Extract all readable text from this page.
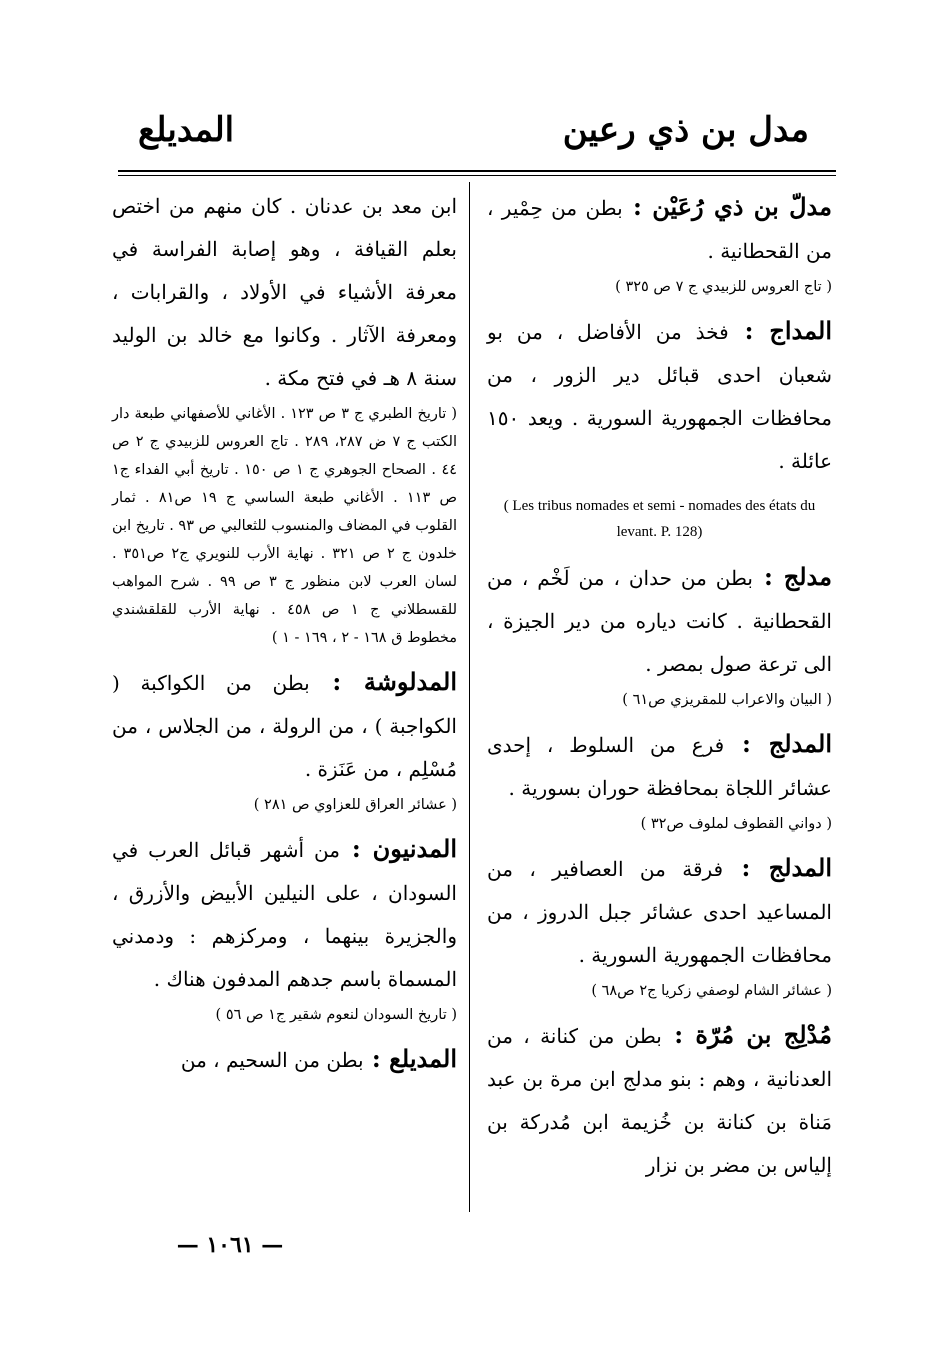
مدل بن ذي رعين
المديلع

مدلّ بن ذي رُعَيْن : بطن من حِمْير ، من القحطانية .

( تاج العروس للزبيدي ج ٧ ص ٣٢٥ )

المداج : فخذ من الأفاضل ، من بو شعبان احدى قبائل دير الزور ، من محافظات الجمهورية السورية . ويعد ١٥٠ عائلة .

( Les tribus nomades et semi - nomades des états du levant. P. 128)

مدلج : بطن من حدان ، من لَخْم ، من القحطانية . كانت دياره من دير الجيزة ، الى ترعة صول بمصر .

( البيان والاعراب للمقريزي ص٦١ )

المدلج : فرع من السلوط ، إحدى عشائر اللجاة بمحافظة حوران بسورية .

( دواني القطوف لملوف ص٣٢ )

المدلج : فرقة من العصافير ، من المساعيد احدى عشائر جبل الدروز ، من محافظات الجمهورية السورية .

( عشائر الشام لوصفي زكريا ج٢ ص٦٨ )

مُدْلِج بن مُرّة : بطن من كنانة ، من العدنانية ، وهم : بنو مدلج ابن مرة بن عبد مَناة بن كنانة بن خُزيمة ابن مُدركة بن إلياس بن مضر بن نزار

ابن معد بن عدنان . كان منهم من اختص بعلم القيافة ، وهو إصابة الفراسة في معرفة الأشياء في الأولاد ، والقرابات ، ومعرفة الآثار . وكانوا مع خالد بن الوليد سنة ٨ هـ في فتح مكة .

( تاريخ الطبري ج ٣ ص ١٢٣ . الأغاني للأصفهاني طبعة دار الكتب ج ٧ ض ٢٨٧، ٢٨٩ . تاج العروس للزبيدي ج ٢ ص ٤٤ . الصحاح الجوهري ج ١ ص ١٥٠ . تاريخ أبي الفداء ج١ ص ١١٣ . الأغاني طبعة الساسي ج ١٩ ص٨١ . ثمار القلوب في المضاف والمنسوب للثعالبي ص ٩٣ . تاريخ ابن خلدون ج ٢ ص ٣٢١ . نهاية الأرب للنويري ج٢ ص٣٥١ . لسان العرب لابن منظور ج ٣ ص ٩٩ . شرح المواهب للقسطلاني ج ١ ص ٤٥٨ . نهاية الأرب للقلقشندي مخطوط ق ١٦٨ - ٢ ، ١٦٩ - ١ )

المدلوشة : بطن من الكواكبة ( الكواجبة ) ، من الرولة ، من الجلاس ، من مُسْلِم ، من عَنَزة .

( عشائر العراق للعزاوي ص ٢٨١ )

المدنيون : من أشهر قبائل العرب في السودان ، على النيلين الأبيض والأزرق ، والجزيرة بينهما ، ومركزهم : ودمدني المسماة باسم جدهم المدفون هناك .

( تاريخ السودان لنعوم شقير ج١ ص ٥٦ )

المديلع : بطن من السحيم ، من

— ١٠٦١ —
